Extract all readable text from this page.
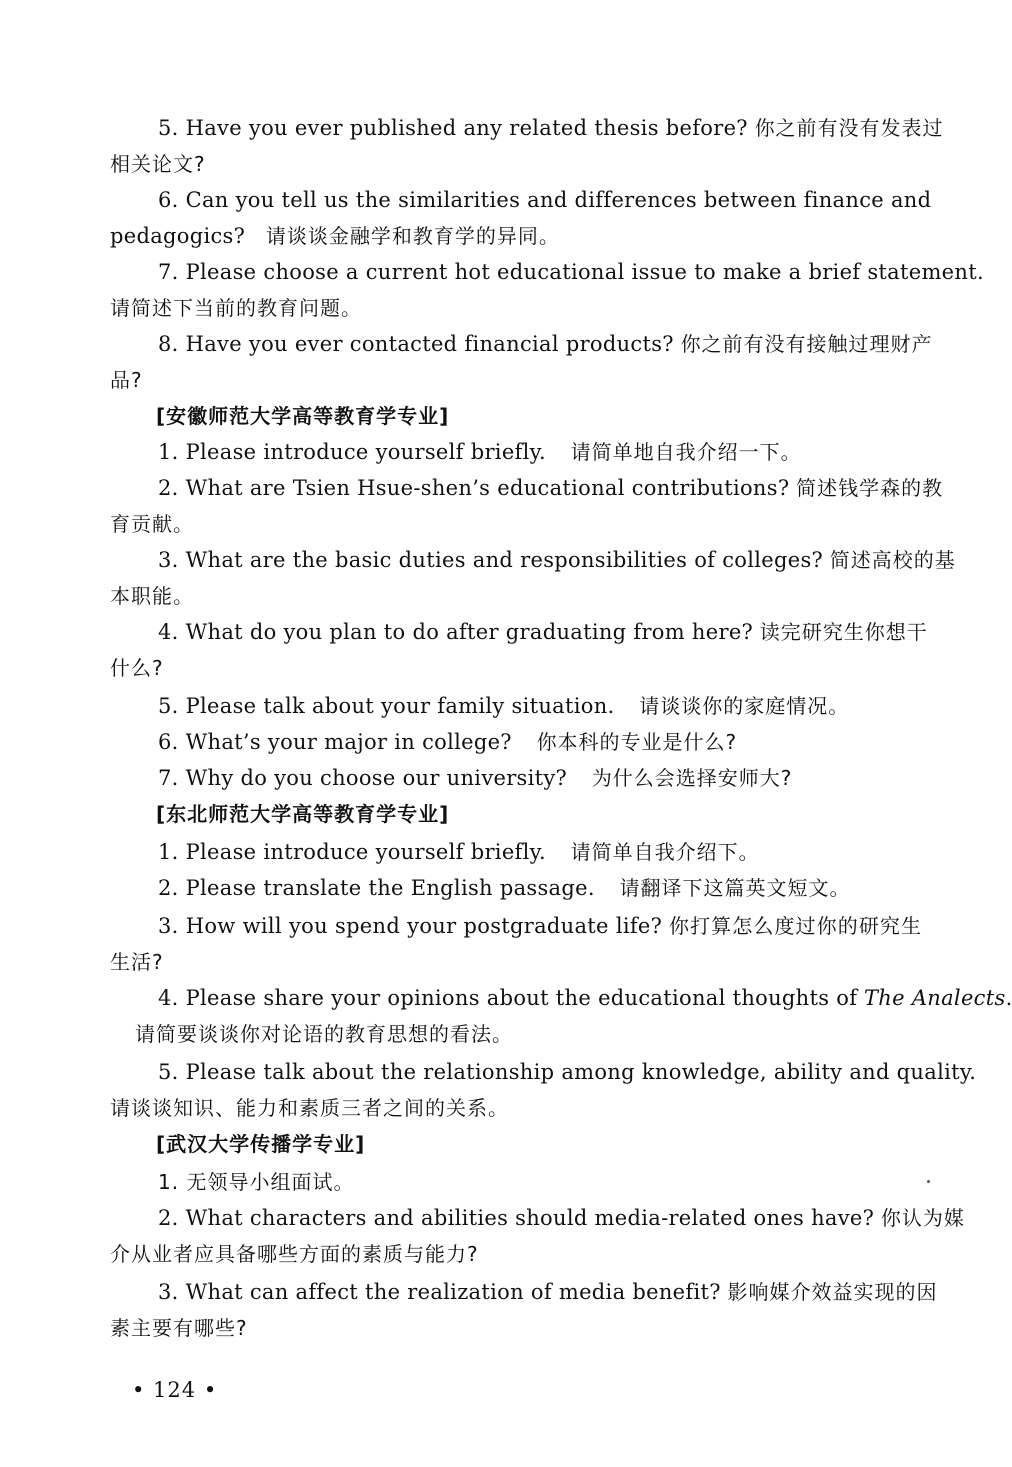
5. Have you ever published any related thesis before? 你之前有没有发表过
相关论文?
6. Can you tell us the similarities and differences between finance and
pedagogics? 请谈谈金融学和教育学的异同。
7. Please choose a current hot educational issue to make a brief statement.
请简述下当前的教育问题。
8. Have you ever contacted financial products? 你之前有没有接触过理财产
品?
[安徽师范大学高等教育学专业]
1. Please introduce yourself briefly. 请简单地自我介绍一下。
2. What are Tsien Hsue-shen’s educational contributions? 简述钱学森的教
育贡献。
3. What are the basic duties and responsibilities of colleges? 简述高校的基
本职能。
4. What do you plan to do after graduating from here? 读完研究生你想干
什么?
5. Please talk about your family situation. 请谈谈你的家庭情况。
6. What’s your major in college? 你本科的专业是什么?
7. Why do you choose our university? 为什么会选择安师大?
[东北师范大学高等教育学专业]
1. Please introduce yourself briefly. 请简单自我介绍下。
2. Please translate the English passage. 请翻译下这篇英文短文。
3. How will you spend your postgraduate life? 你打算怎么度过你的研究生
生活?
4. Please share your opinions about the educational thoughts of The Analects.
请简要谈谈你对论语的教育思想的看法。
5. Please talk about the relationship among knowledge, ability and quality.
请谈谈知识、能力和素质三者之间的关系。
[武汉大学传播学专业]
1. 无领导小组面试。
2. What characters and abilities should media-related ones have? 你认为媒
介从业者应具备哪些方面的素质与能力?
3. What can affect the realization of media benefit? 影响媒介效益实现的因
素主要有哪些?
• 124 •
